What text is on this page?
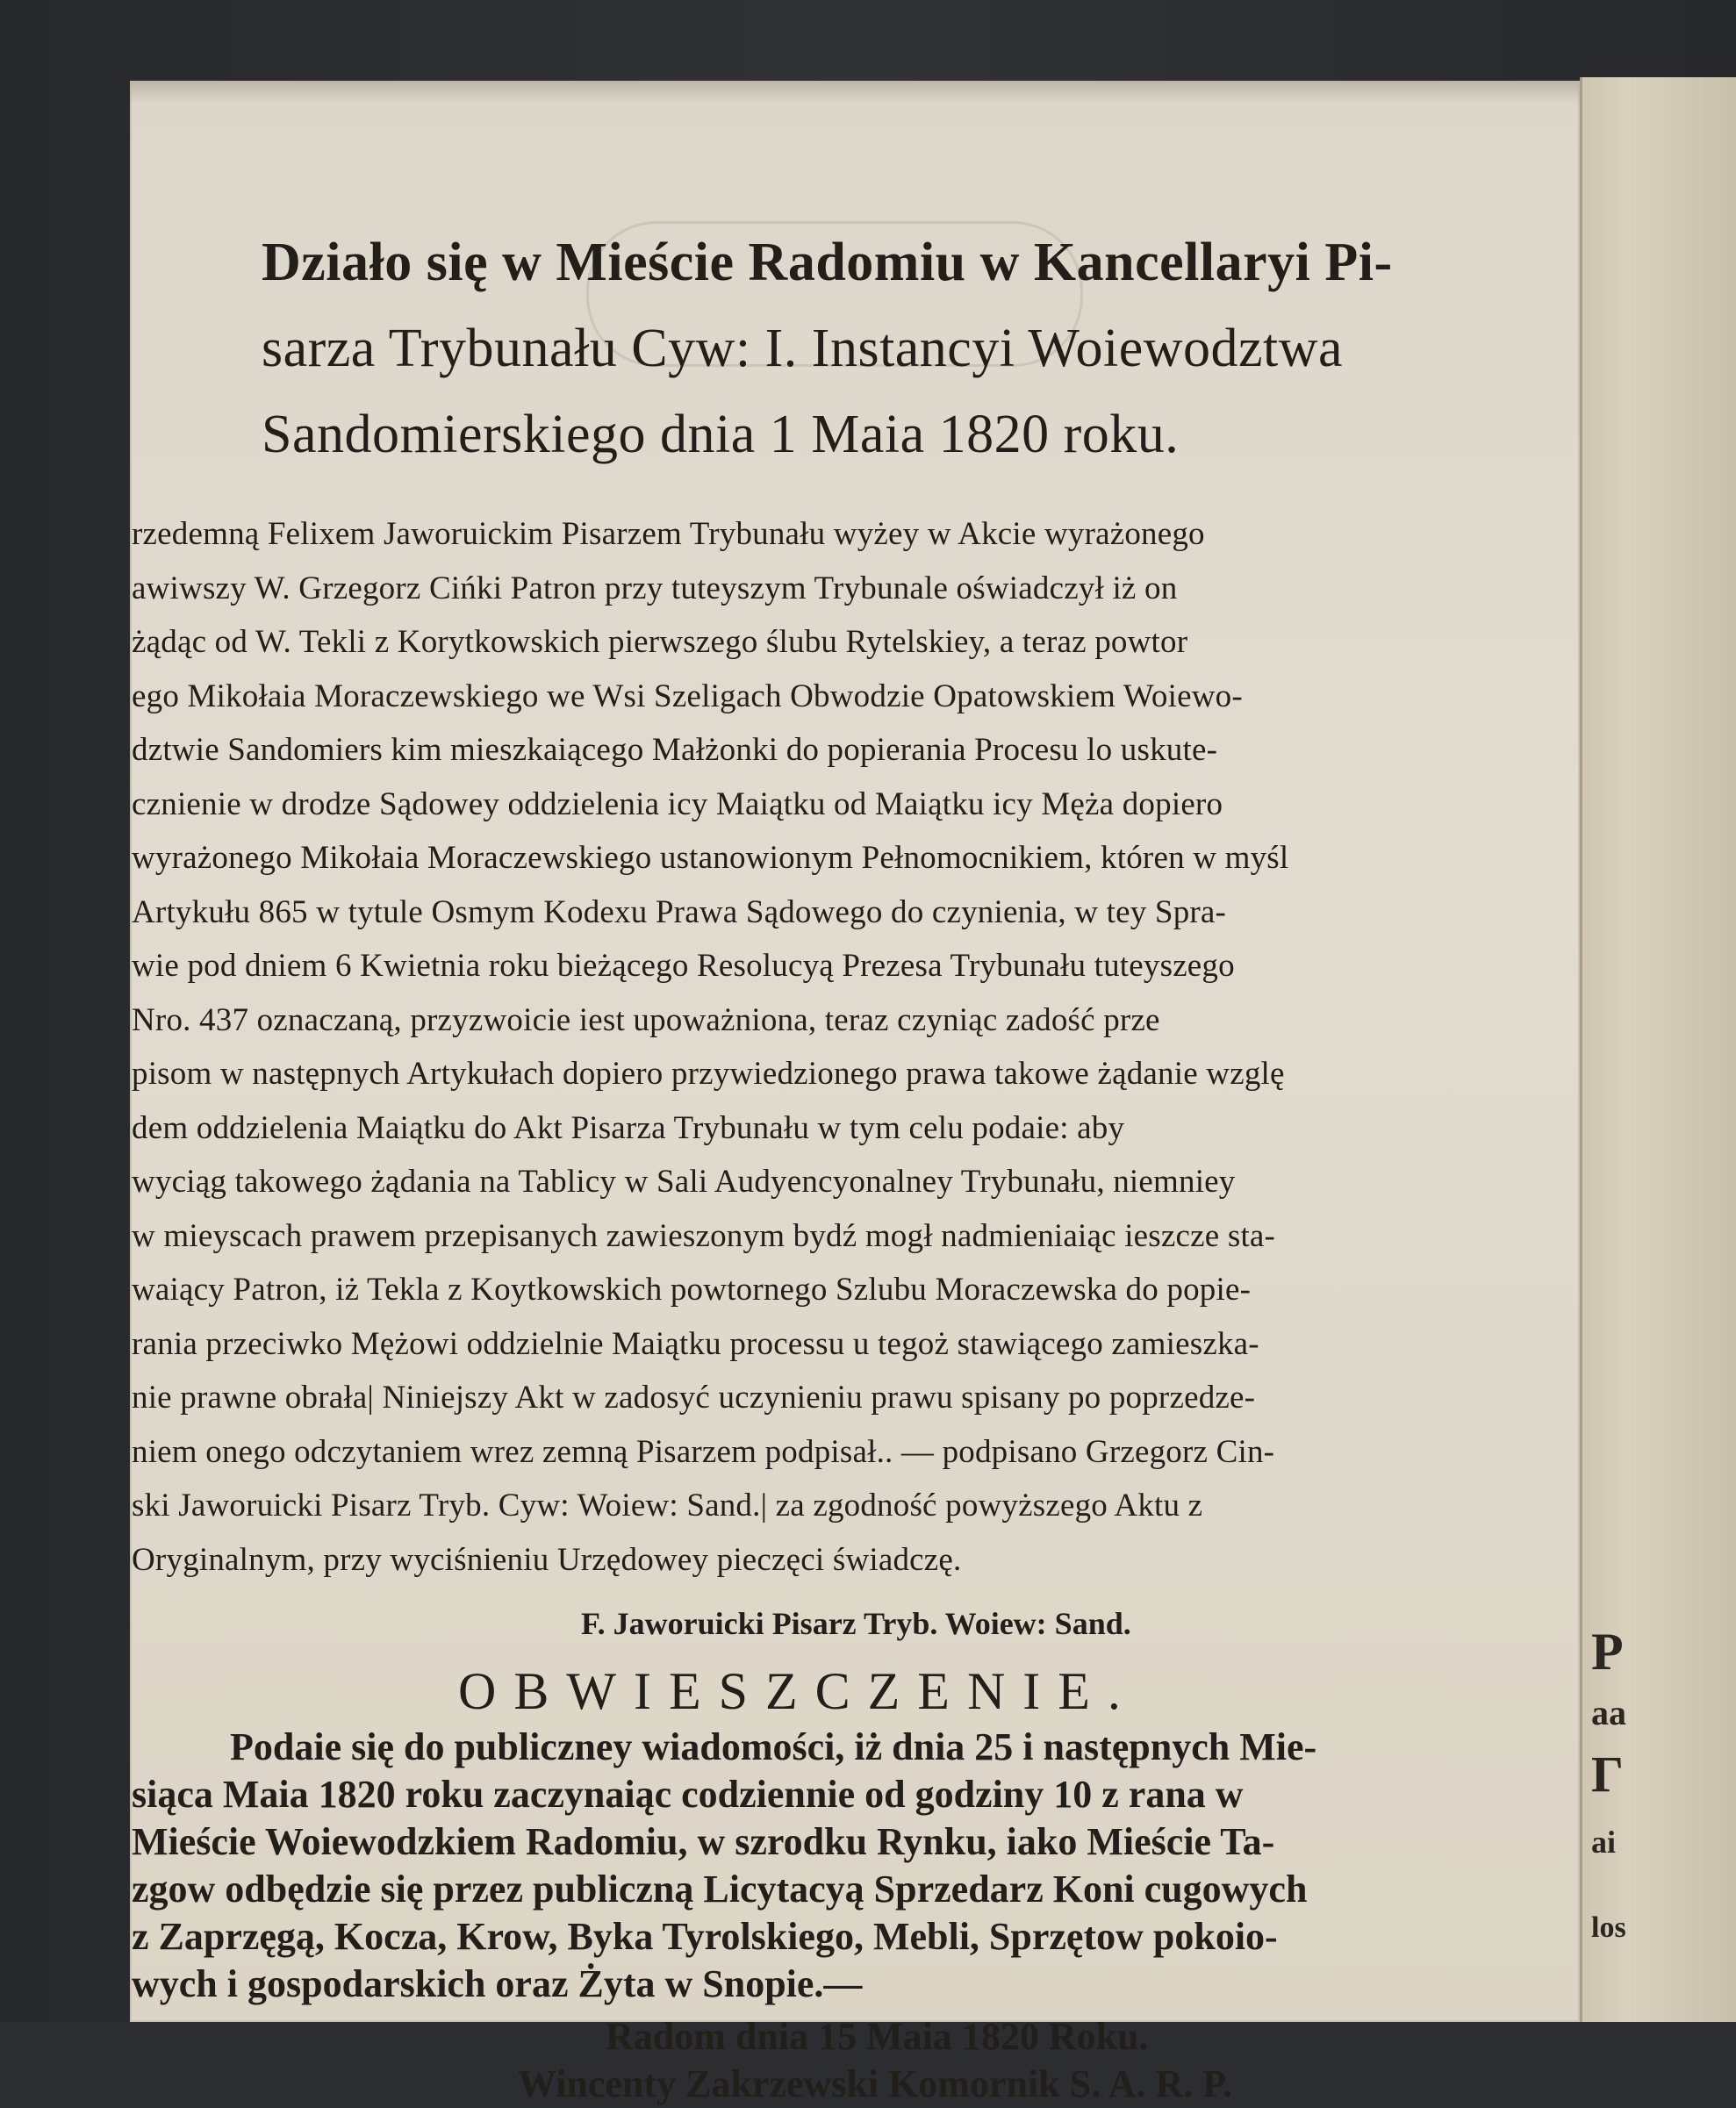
P
aa
Г
ai
los
Działo się w Mieście Radomiu w Kancellaryi Pi-
sarza Trybunału Cyw: I. Instancyi Woiewodztwa
Sandomierskiego dnia 1 Maia 1820 roku.
rzedemną Felixem Jaworuickim Pisarzem Trybunału wyżey w Akcie wyrażonego
awiwszy W. Grzegorz Cińki Patron przy tuteyszym Trybunale oświadczył iż on
żądąc od W. Tekli z Korytkowskich pierwszego ślubu Rytelskiey, a teraz powtor
ego Mikołaia Moraczewskiego we Wsi Szeligach Obwodzie Opatowskiem Woiewo-
dztwie Sandomiers kim mieszkaiącego Małżonki do popierania Procesu lo uskute-
cznienie w drodze Sądowey oddzielenia icy Maiątku od Maiątku icy Męża dopiero
wyrażonego Mikołaia Moraczewskiego ustanowionym Pełnomocnikiem, któren w myśl
Artykułu 865 w tytule Osmym Kodexu Prawa Sądowego do czynienia, w tey Spra-
wie pod dniem 6 Kwietnia roku bieżącego Resolucyą Prezesa Trybunału tuteyszego
Nro. 437 oznaczaną, przyzwoicie iest upoważniona, teraz czyniąc zadość prze
pisom w następnych Artykułach dopiero przywiedzionego prawa takowe żądanie wzglę
dem oddzielenia Maiątku do Akt Pisarza Trybunału w tym celu podaie: aby
wyciąg takowego żądania na Tablicy w Sali Audyencyonalney Trybunału, niemniey
w mieyscach prawem przepisanych zawieszonym bydź mogł nadmieniaiąc ieszcze sta-
waiący Patron, iż Tekla z Koytkowskich powtornego Szlubu Moraczewska do popie-
rania przeciwko Mężowi oddzielnie Maiątku processu u tegoż stawiącego zamieszka-
nie prawne obrała| Niniejszy Akt w zadosyć uczynieniu prawu spisany po poprzedze-
niem onego odczytaniem wrez zemną Pisarzem podpisał.. — podpisano Grzegorz Cin-
ski Jaworuicki Pisarz Tryb. Cyw: Woiew: Sand.| za zgodność powyższego Aktu z
Oryginalnym, przy wyciśnieniu Urzędowey pieczęci świadczę.
F. Jaworuicki Pisarz Tryb. Woiew: Sand.
OBWIESZCZENIE.
Podaie się do publiczney wiadomości, iż dnia 25 i następnych Mie-
siąca Maia 1820 roku zaczynaiąc codziennie od godziny 10 z rana w
Mieście Woiewodzkiem Radomiu, w szrodku Rynku, iako Mieście Ta-
zgow odbędzie się przez publiczną Licytacyą Sprzedarz Koni cugowych
z Zaprzęgą, Kocza, Krow, Byka Tyrolskiego, Mebli, Sprzętow pokoio-
wych i gospodarskich oraz Żyta w Snopie.—
Radom dnia 15 Maia 1820 Roku.
Wincenty Zakrzewski Komornik S. A. R. P.
